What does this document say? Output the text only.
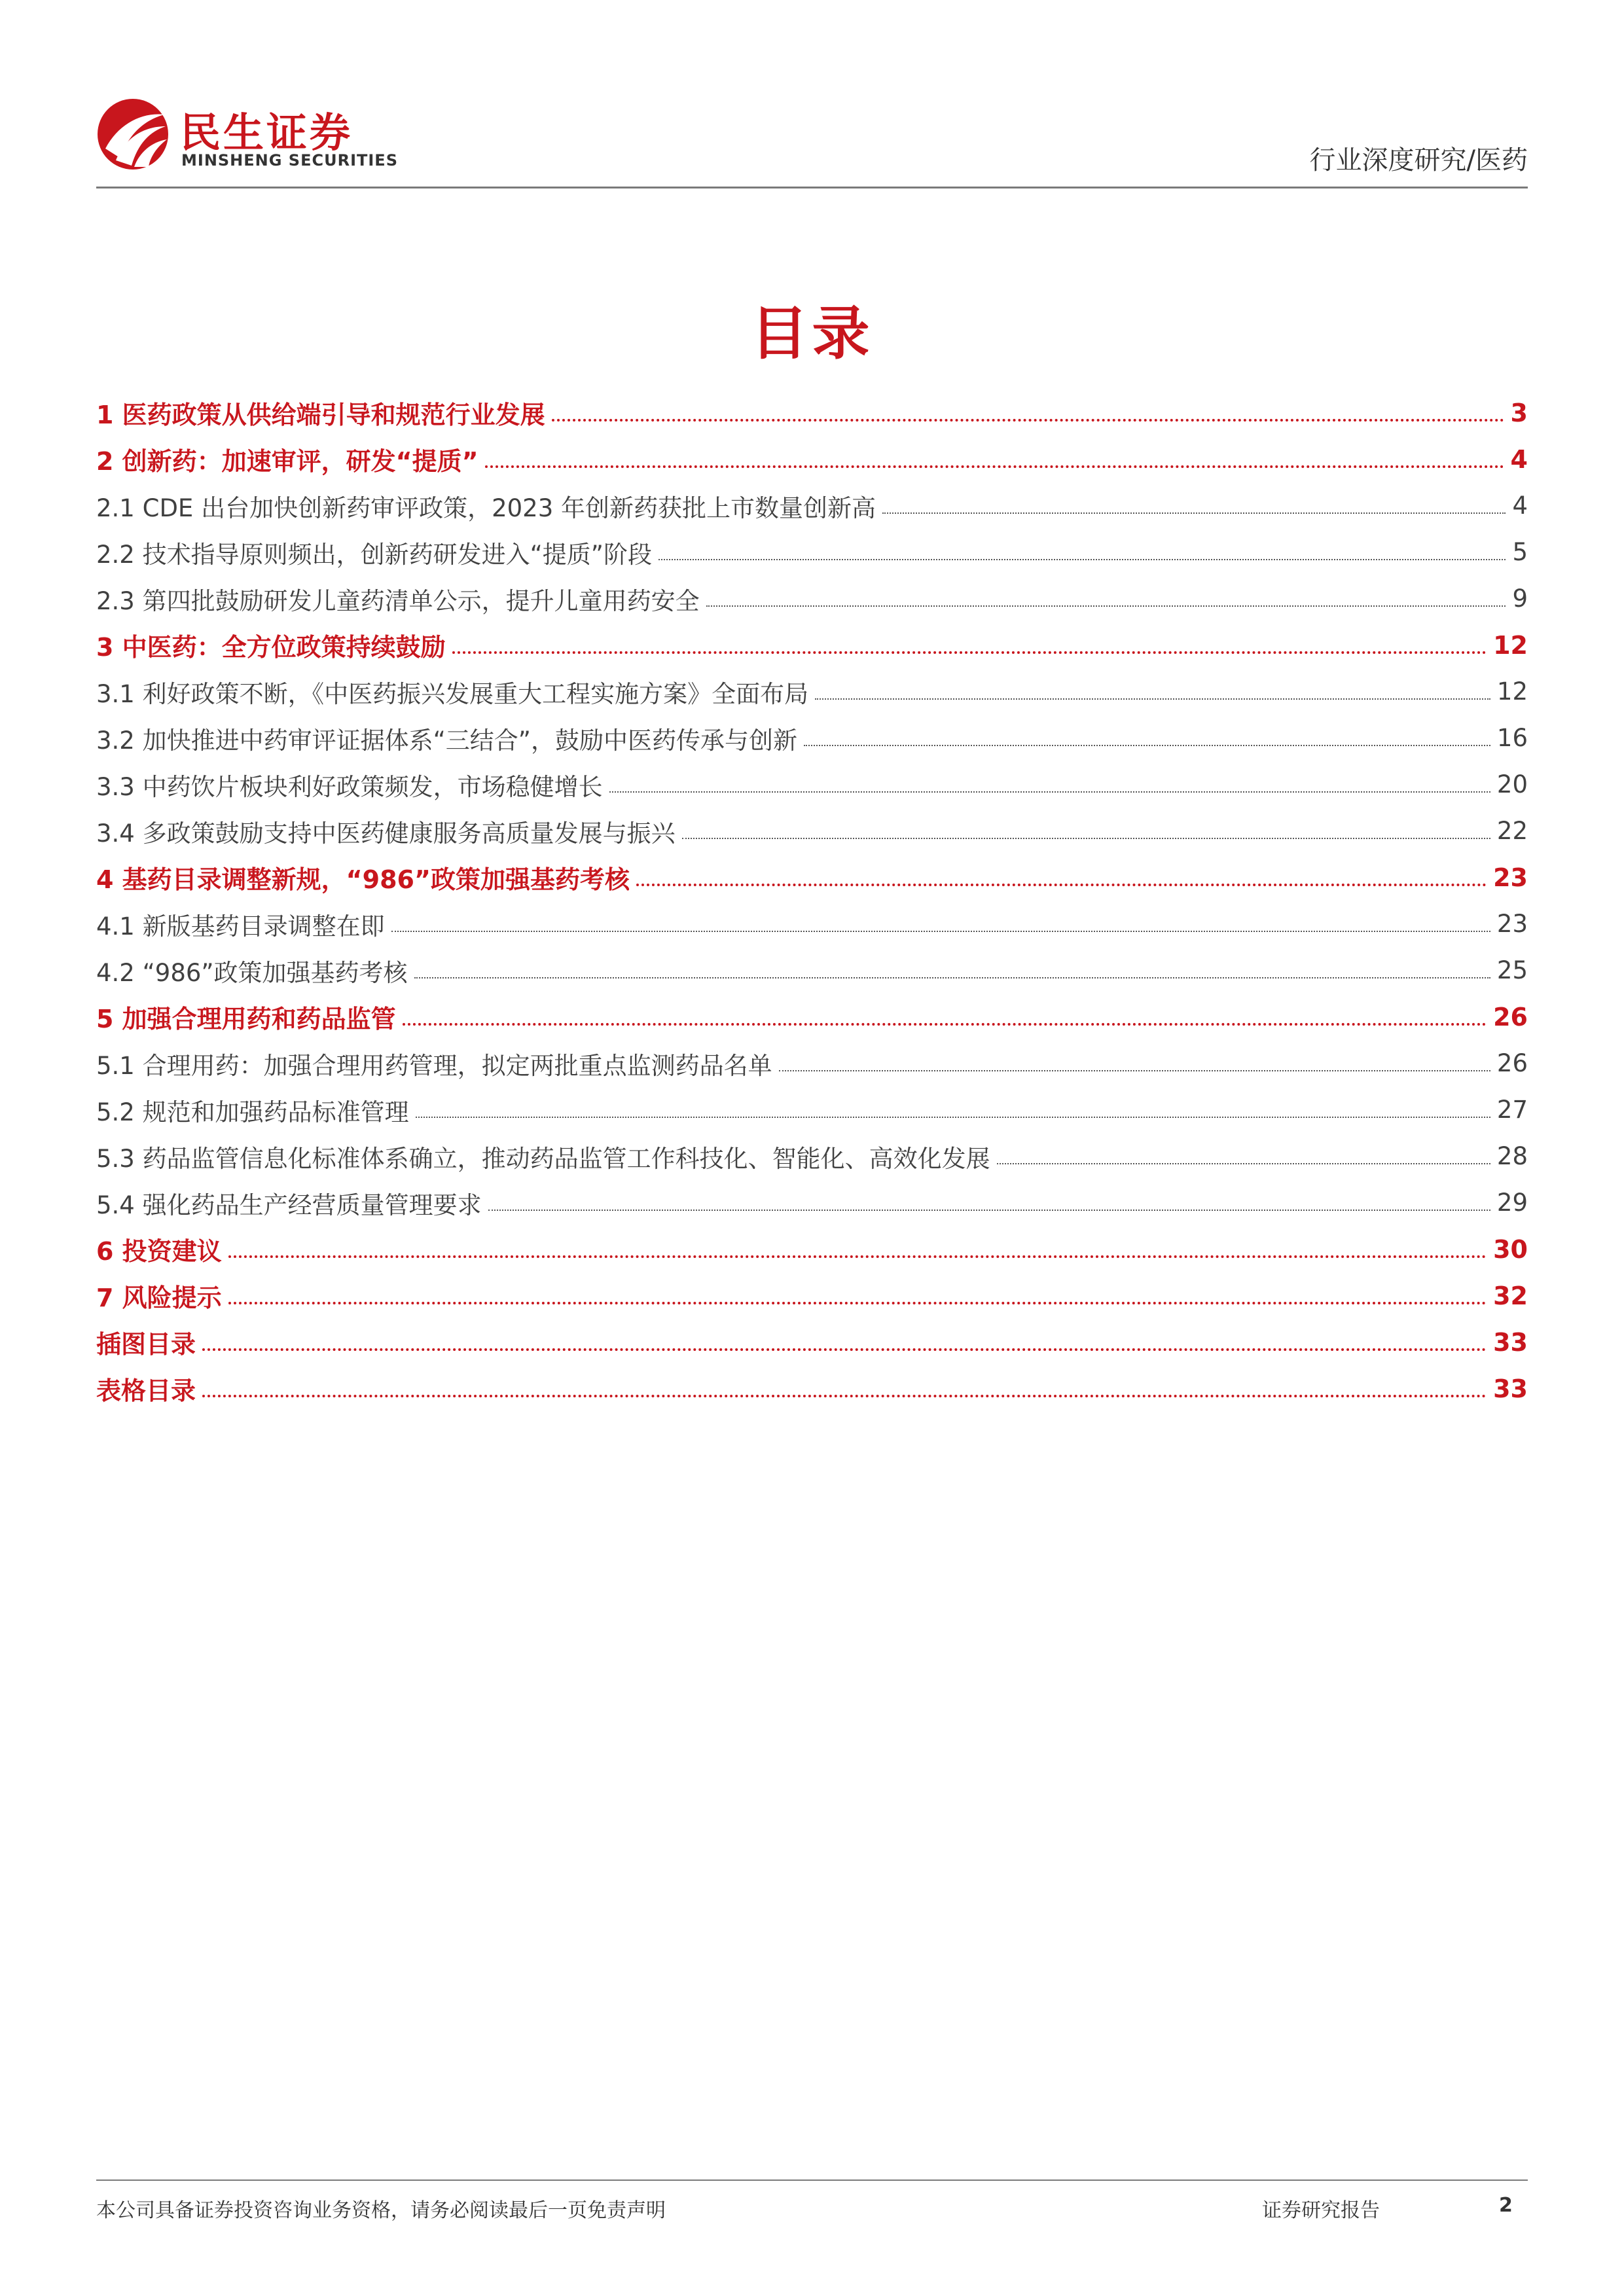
民生证券
MINSHENG SECURITIES	行业深度研究/医药
目录
1 医药政策从供给端引导和规范行业发展	3
2 创新药：加速审评，研发“提质”	4
2.1 CDE 出台加快创新药审评政策，2023 年创新药获批上市数量创新高	4
2.2 技术指导原则频出，创新药研发进入“提质”阶段	5
2.3 第四批鼓励研发儿童药清单公示，提升儿童用药安全	9
3 中医药：全方位政策持续鼓励	12
3.1 利好政策不断，《中医药振兴发展重大工程实施方案》全面布局	12
3.2 加快推进中药审评证据体系“三结合”，鼓励中医药传承与创新	16
3.3 中药饮片板块利好政策频发，市场稳健增长	20
3.4 多政策鼓励支持中医药健康服务高质量发展与振兴	22
4 基药目录调整新规，“986”政策加强基药考核	23
4.1 新版基药目录调整在即	23
4.2 “986”政策加强基药考核	25
5 加强合理用药和药品监管	26
5.1 合理用药：加强合理用药管理，拟定两批重点监测药品名单	26
5.2 规范和加强药品标准管理	27
5.3 药品监管信息化标准体系确立，推动药品监管工作科技化、智能化、高效化发展	28
5.4 强化药品生产经营质量管理要求	29
6 投资建议	30
7 风险提示	32
插图目录	33
表格目录	33
本公司具备证券投资咨询业务资格，请务必阅读最后一页免责声明	证券研究报告	2
